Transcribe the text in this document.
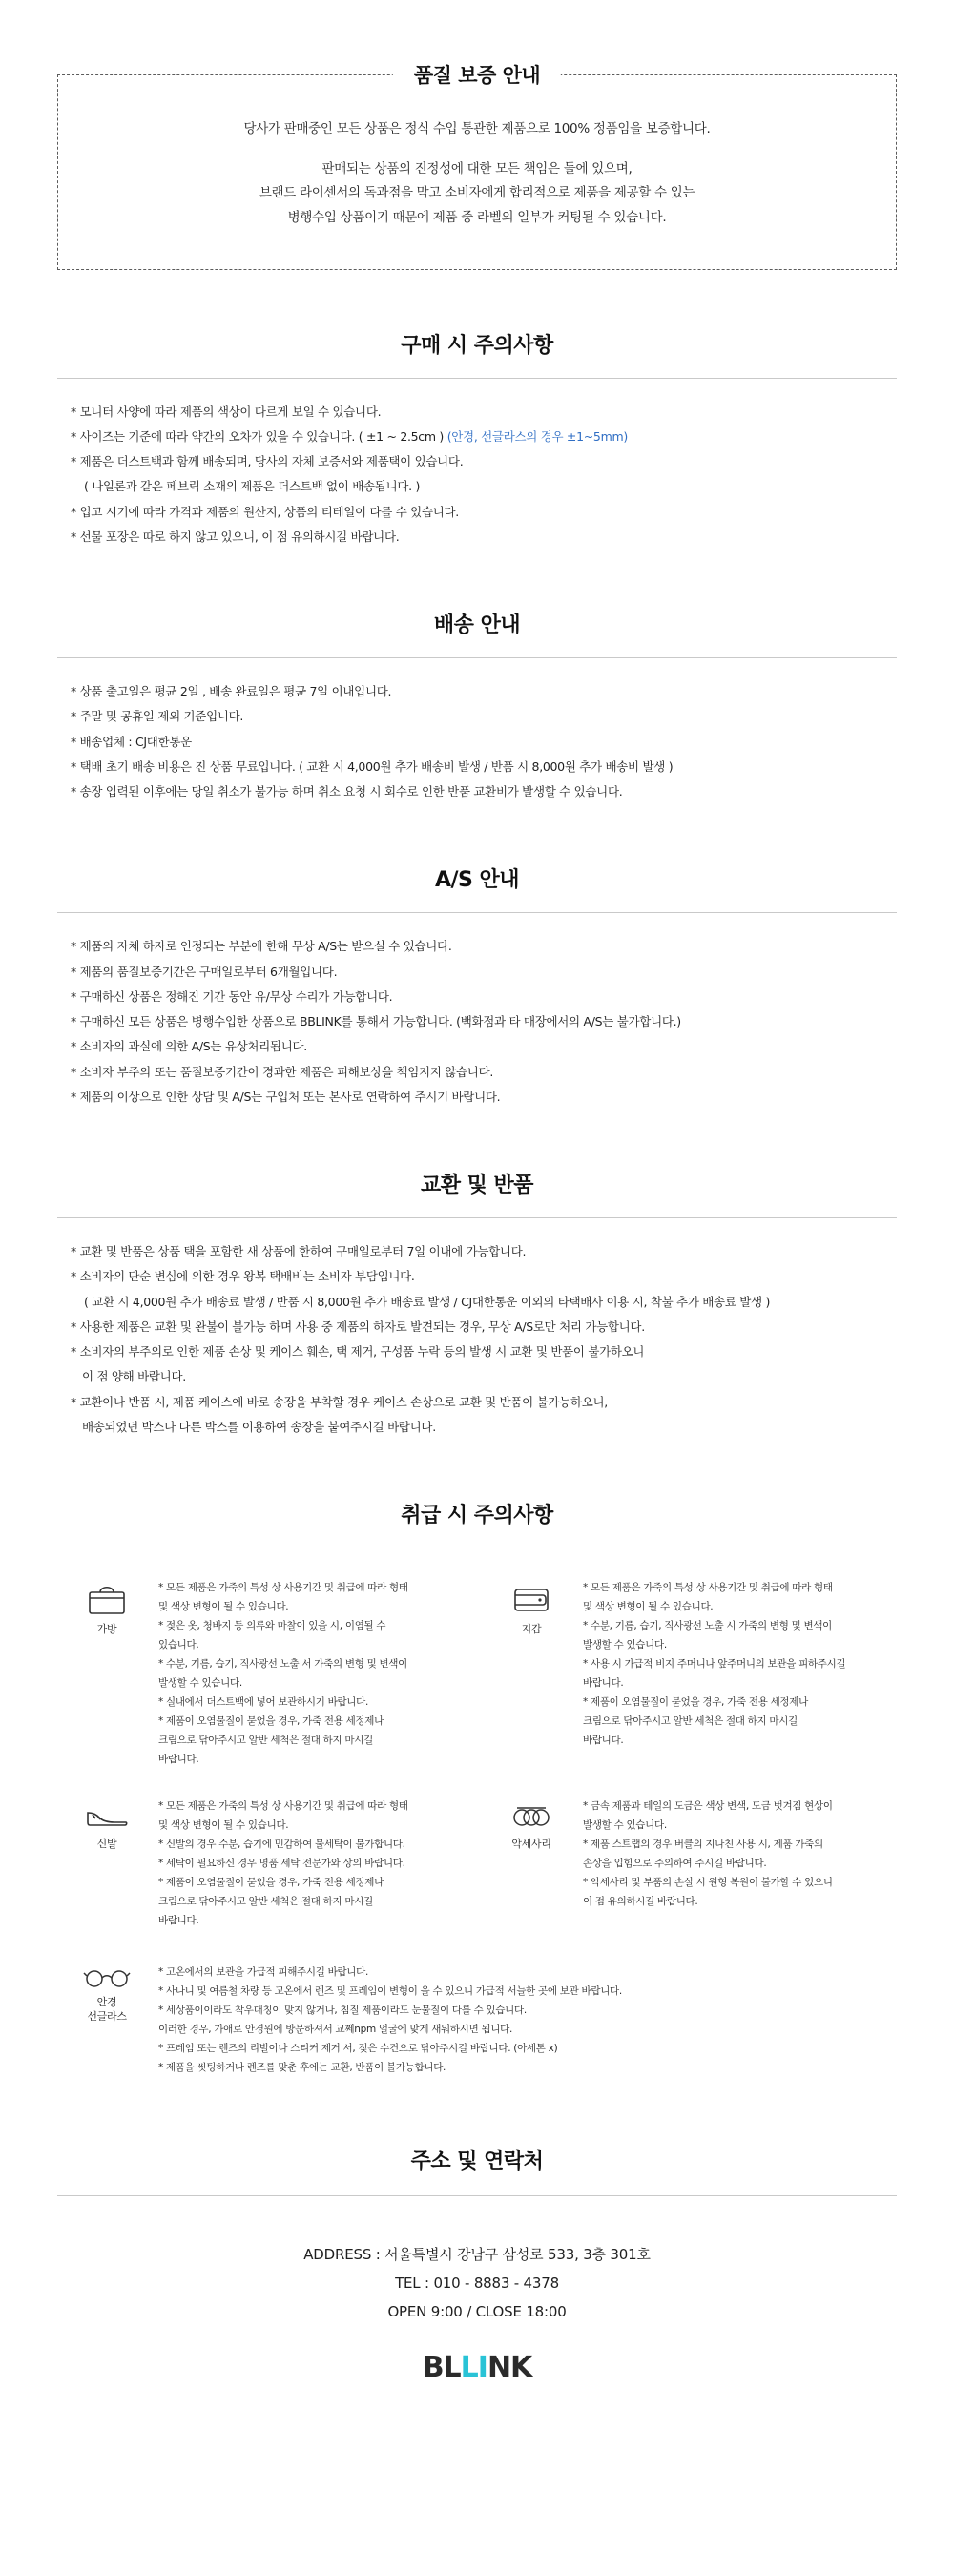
품질 보증 안내
당사가 판매중인 모든 상품은 정식 수입 통관한 제품으로 100% 정품임을 보증합니다.
판매되는 상품의 진정성에 대한 모든 책임은 돌에 있으며,
브랜드 라이센서의 독과점을 막고 소비자에게 합리적으로 제품을 제공할 수 있는
병행수입 상품이기 때문에 제품 중 라벨의 일부가 커팅될 수 있습니다.
구매 시 주의사항
* 모니터 사양에 따라 제품의 색상이 다르게 보일 수 있습니다.
* 사이즈는 기준에 따라 약간의 오차가 있을 수 있습니다. ( ±1 ~ 2.5cm ) (안경, 선글라스의 경우 ±1~5mm)
* 제품은 더스트백과 함께 배송되며, 당사의 자체 보증서와 제품택이 있습니다.
( 나일론과 같은 페브릭 소재의 제품은 더스트백 없이 배송됩니다. )
* 입고 시기에 따라 가격과 제품의 원산지, 상품의 티테일이 다를 수 있습니다.
* 선물 포장은 따로 하지 않고 있으니, 이 점 유의하시길 바랍니다.
배송 안내
* 상품 출고일은 평균 2일 , 배송 완료일은 평균 7일 이내입니다.
* 주말 및 공휴일 제외 기준입니다.
* 배송업체 : CJ대한통운
* 택배 초기 배송 비용은 진 상품 무료입니다. ( 교환 시 4,000원 추가 배송비 발생 / 반품 시 8,000원 추가 배송비 발생 )
* 송장 입력된 이후에는 당일 취소가 불가능 하며 취소 요청 시 회수로 인한 반품 교환비가 발생할 수 있습니다.
A/S 안내
* 제품의 자체 하자로 인정되는 부분에 한해 무상 A/S는 받으실 수 있습니다.
* 제품의 품질보증기간은 구매일로부터 6개월입니다.
* 구매하신 상품은 정해진 기간 동안 유/무상 수리가 가능합니다.
* 구매하신 모든 상품은 병행수입한 상품으로 BBLINK를 통해서 가능합니다. (백화점과 타 매장에서의 A/S는 불가합니다.)
* 소비자의 과실에 의한 A/S는 유상처리됩니다.
* 소비자 부주의 또는 품질보증기간이 경과한 제품은 피해보상을 책임지지 않습니다.
* 제품의 이상으로 인한 상담 및 A/S는 구입처 또는 본사로 연락하여 주시기 바랍니다.
교환 및 반품
* 교환 및 반품은 상품 택을 포함한 새 상품에 한하여 구매일로부터 7일 이내에 가능합니다.
* 소비자의 단순 변심에 의한 경우 왕복 택배비는 소비자 부담입니다.
( 교환 시 4,000원 추가 배송료 발생 / 반품 시 8,000원 추가 배송료 발생 / CJ대한통운 이외의 타택배사 이용 시, 착불 추가 배송료 발생 )
* 사용한 제품은 교환 및 완불이 불가능 하며 사용 중 제품의 하자로 발견되는 경우, 무상 A/S로만 처리 가능합니다.
* 소비자의 부주의로 인한 제품 손상 및 케이스 훼손, 택 제거, 구성품 누락 등의 발생 시 교환 및 반품이 불가하오니
이 점 양해 바랍니다.
* 교환이나 반품 시, 제품 케이스에 바로 송장을 부착할 경우 케이스 손상으로 교환 및 반품이 불가능하오니,
배송되었던 박스나 다른 박스를 이용하여 송장을 붙여주시길 바랍니다.
취급 시 주의사항
가방

* 모든 제품은 가죽의 특성 상 사용기간 및 취급에 따라 형태

및 색상 변형이 될 수 있습니다.

* 젖은 옷, 청바지 등 의류와 마찰이 있을 시, 이염될 수

있습니다.

* 수분, 기름, 습기, 직사광선 노출 서 가죽의 변형 및 변색이

발생할 수 있습니다.

* 실내에서 더스트백에 넣어 보관하시기 바랍니다.

* 제품이 오염물질이 묻었을 경우, 가죽 전용 세정제나

크림으로 닦아주시고 알반 세척은 절대 하지 마시길

바랍니다.

지갑

* 모든 제품은 가죽의 특성 상 사용기간 및 취급에 따라 형태

및 색상 변형이 될 수 있습니다.

* 수분, 기름, 습기, 직사광선 노출 시 가죽의 변형 및 변색이

발생할 수 있습니다.

* 사용 시 가급적 비지 주머니나 앞주머니의 보관을 피하주시길

바랍니다.

* 제품이 오염물질이 묻었을 경우, 가죽 전용 세정제나

크림으로 닦아주시고 알반 세척은 절대 하지 마시길

바랍니다.

신발

* 모든 제품은 가죽의 특성 상 사용기간 및 취급에 따라 형태

및 색상 변형이 될 수 있습니다.

* 신발의 경우 수분, 습기에 민감하여 물세탁이 불가합니다.

* 세탁이 필요하신 경우 명품 세탁 전문가와 상의 바랍니다.

* 제품이 오염물질이 묻었을 경우, 가죽 전용 세정제나

크림으로 닦아주시고 알반 세척은 절대 하지 마시길

바랍니다.

악세사리

* 금속 제품과 테일의 도금은 색상 변색, 도금 벗겨짐 현상이

발생할 수 있습니다.

* 제품 스트랩의 경우 버클의 지나친 사용 시, 제품 가죽의

손상을 입힘으로 주의하여 주시길 바랍니다.

* 악세사리 및 부품의 손실 시 원형 복원이 불가할 수 있으니

이 점 유의하시길 바랍니다.

안경
선글라스

* 고온에서의 보관을 가급적 피해주시길 바랍니다.

* 사나니 및 여름철 차량 등 고온에서 렌즈 및 프레임이 변형이 올 수 있으니 가급적 서늘한 곳에 보관 바랍니다.

* 세상품이이라도 착우대칭이 맞지 않거나, 침질 제품이라도 눈물질이 다를 수 있습니다.

이러한 경우, 가애로 안경원에 방문하셔서 교쩨npm 얼굴에 맞게 새워하시면 됩니다.

* 프레임 또는 렌즈의 리빌이나 스티커 제거 서, 젖은 수건으로 닦아주시길 바랍니다. (아세톤 x)

* 제품을 씻팅하거나 렌즈를 맞춘 후에는 교환, 반품이 불가능합니다.

주소 및 연락처
ADDRESS : 서울특별시 강남구 삼성로 533, 3층 301호
TEL : 010 - 8883 - 4378
OPEN 9:00 / CLOSE 18:00
BLLINK
